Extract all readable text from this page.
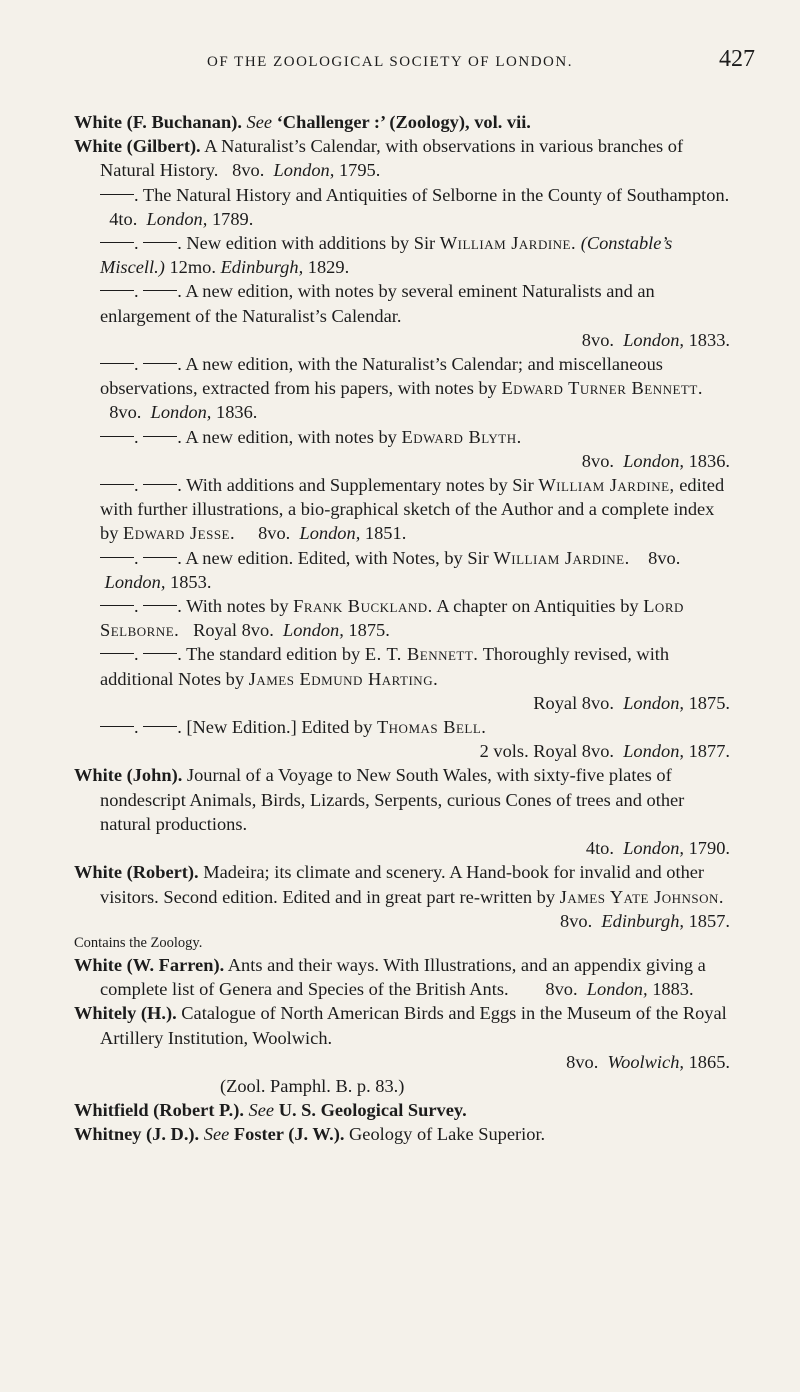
OF THE ZOOLOGICAL SOCIETY OF LONDON.	427

White (F. Buchanan). See ‘Challenger :’ (Zoology), vol. vii.

White (Gilbert). A Naturalist’s Calendar, with observations in various branches of Natural History. 8vo. London, 1795.

. The Natural History and Antiquities of Selborne in the County of Southampton.   4to. London, 1789.

. . New edition with additions by Sir William Jardine. (Constable’s Miscell.) 12mo. Edinburgh, 1829.

. . A new edition, with notes by several eminent Naturalists and an enlargement of the Naturalist’s Calendar.
8vo. London, 1833.

. . A new edition, with the Naturalist’s Calendar; and miscellaneous observations, extracted from his papers, with notes by Edward Turner Bennett.   8vo. London, 1836.

. . A new edition, with notes by Edward Blyth.
8vo. London, 1836.

. . With additions and Supplementary notes by Sir William Jardine, edited with further illustrations, a bio-graphical sketch of the Author and a complete index by Edward Jesse. 8vo. London, 1851.

. . A new edition. Edited, with Notes, by Sir William Jardine. 8vo.  London, 1853.

. . With notes by Frank Buckland. A chapter on Antiquities by Lord Selborne. Royal 8vo. London, 1875.

. . The standard edition by E. T. Bennett. Thoroughly revised, with additional Notes by James Edmund Harting.
Royal 8vo. London, 1875.

. . [New Edition.] Edited by Thomas Bell.
2 vols. Royal 8vo. London, 1877.

White (John). Journal of a Voyage to New South Wales, with sixty-five plates of nondescript Animals, Birds, Lizards, Serpents, curious Cones of trees and other natural productions.
4to. London, 1790.

White (Robert). Madeira; its climate and scenery. A Hand-book for invalid and other visitors. Second edition. Edited and in great part re-written by James Yate Johnson.
8vo. Edinburgh, 1857.

Contains the Zoology.

White (W. Farren). Ants and their ways. With Illustrations, and an appendix giving a complete list of Genera and Species of the British Ants. 8vo. London, 1883.

Whitely (H.). Catalogue of North American Birds and Eggs in the Museum of the Royal Artillery Institution, Woolwich.
8vo. Woolwich, 1865.
(Zool. Pamphl. B. p. 83.)

Whitfield (Robert P.). See U. S. Geological Survey.

Whitney (J. D.). See Foster (J. W.). Geology of Lake Superior.
